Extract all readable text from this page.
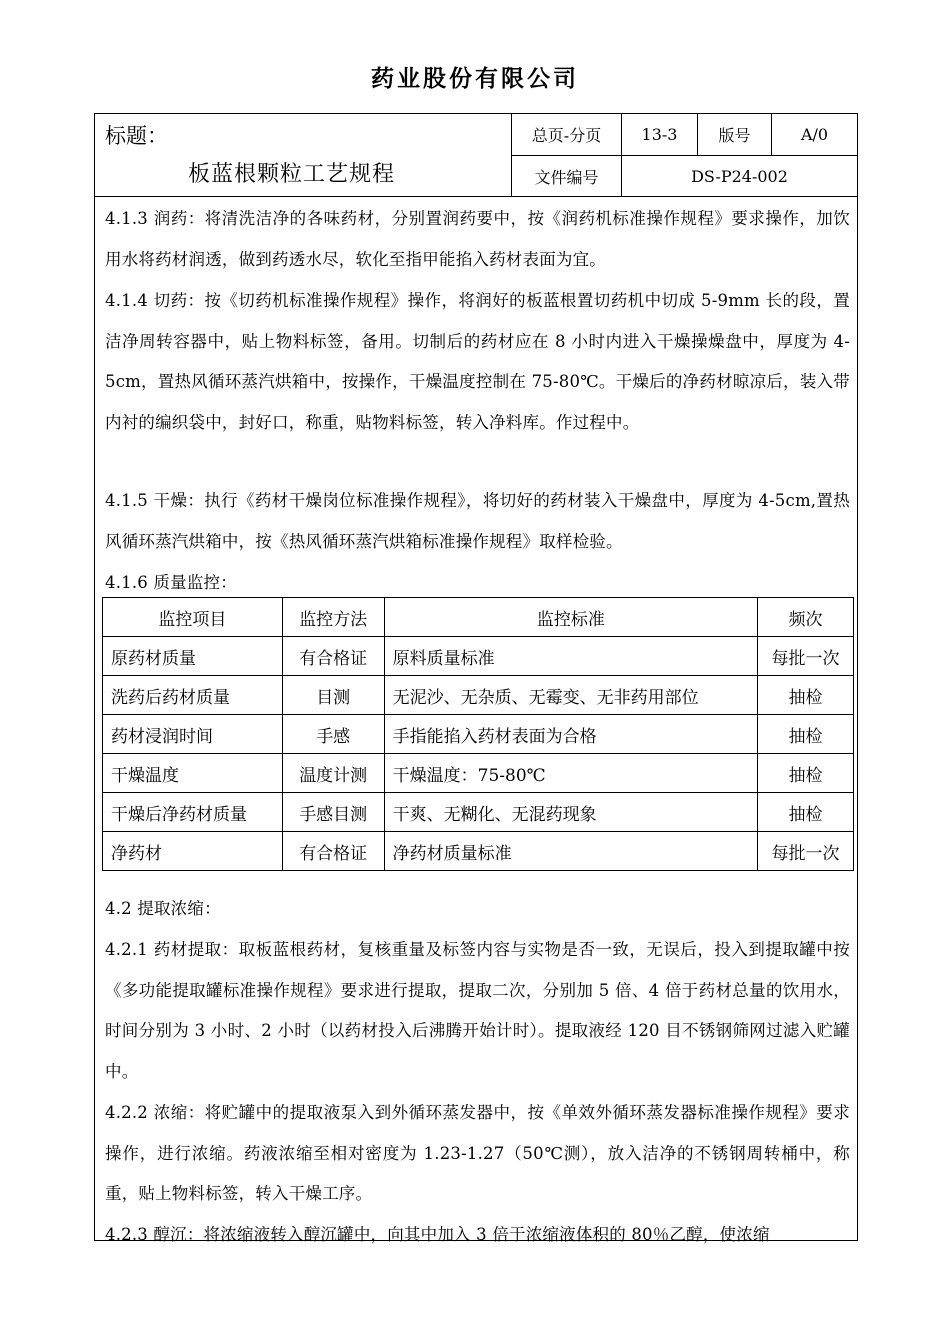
药业股份有限公司
标题：
板蓝根颗粒工艺规程
总页-分页	13-3	版号	A/0
文件编号	DS-P24-002
4.1.3 润药：将清洗洁净的各味药材，分别置润药要中，按《润药机标准操作规程》要求操作，加饮用水将药材润透，做到药透水尽，软化至指甲能掐入药材表面为宜。
4.1.4 切药：按《切药机标准操作规程》操作，将润好的板蓝根置切药机中切成 5-9mm 长的段，置洁净周转容器中，贴上物料标签，备用。切制后的药材应在 8 小时内进入干燥操燥盘中，厚度为 4-5cm，置热风循环蒸汽烘箱中，按操作，干燥温度控制在 75-80℃。干燥后的净药材晾凉后，装入带内衬的编织袋中，封好口，称重，贴物料标签，转入净料库。作过程中。
4.1.5 干燥：执行《药材干燥岗位标准操作规程》，将切好的药材装入干燥盘中，厚度为 4-5cm,置热风循环蒸汽烘箱中，按《热风循环蒸汽烘箱标准操作规程》取样检验。
4.1.6 质量监控：
监控项目	监控方法	监控标准	频次
原药材质量	有合格证	原料质量标准	每批一次
洗药后药材质量	目测	无泥沙、无杂质、无霉变、无非药用部位	抽检
药材浸润时间	手感	手指能掐入药材表面为合格	抽检
干燥温度	温度计测	干燥温度：75-80℃	抽检
干燥后净药材质量	手感目测	干爽、无糊化、无混药现象	抽检
净药材	有合格证	净药材质量标准	每批一次
4.2 提取浓缩：
4.2.1 药材提取：取板蓝根药材，复核重量及标签内容与实物是否一致，无误后，投入到提取罐中按《多功能提取罐标准操作规程》要求进行提取，提取二次，分别加 5 倍、4 倍于药材总量的饮用水，时间分别为 3 小时、2 小时（以药材投入后沸腾开始计时）。提取液经 120 目不锈钢筛网过滤入贮罐中。
4.2.2 浓缩：将贮罐中的提取液泵入到外循环蒸发器中，按《单效外循环蒸发器标准操作规程》要求操作，进行浓缩。药液浓缩至相对密度为 1.23-1.27（50℃测），放入洁净的不锈钢周转桶中，称重，贴上物料标签，转入干燥工序。
4.2.3 醇沉：将浓缩液转入醇沉罐中，向其中加入 3 倍于浓缩液体积的 80％乙醇，使浓缩
